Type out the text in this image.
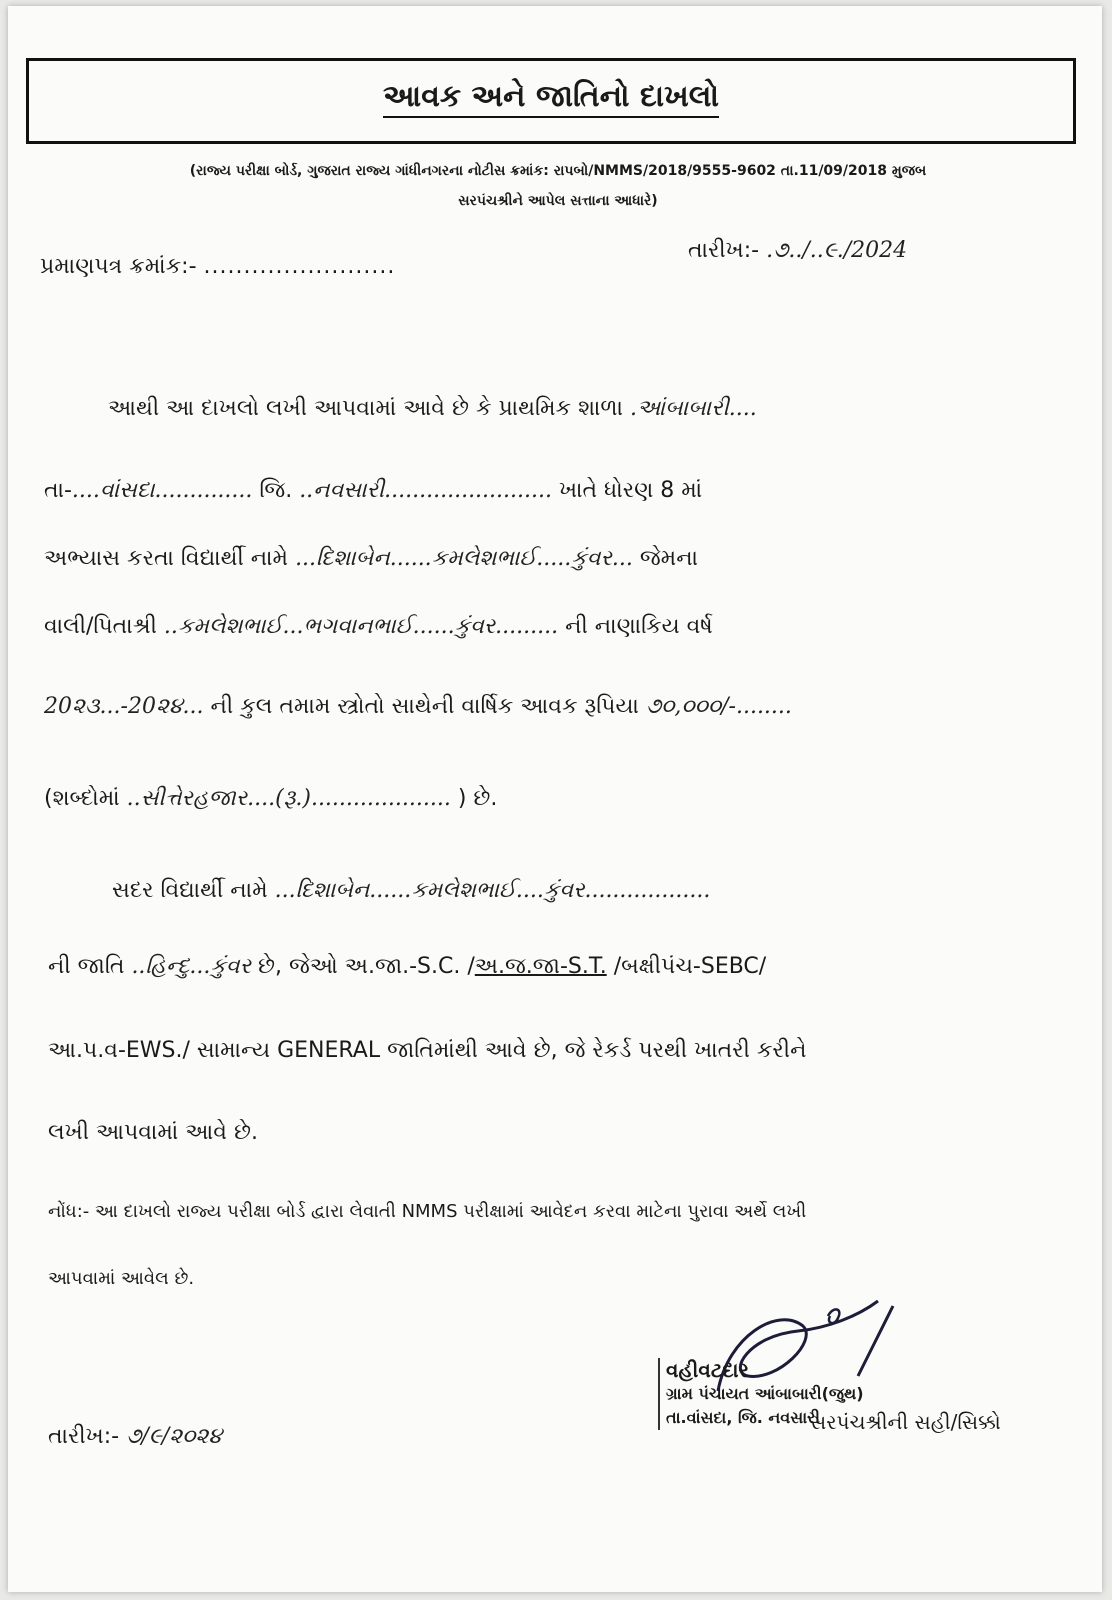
આવક અને જાતિનો દાખલો
(રાજ્ય પરીક્ષા બોર્ડ, ગુજરાત રાજ્ય ગાંધીનગરના નોટીસ ક્રમાંક: રાપબો/NMMS/2018/9555-9602 તા.11/09/2018 મુજબ
સરપંચશ્રીને આપેલ સત્તાના આધારે)
પ્રમાણપત્ર ક્રમાંક:- ........................
તારીખ:- .૭../..૯./2024
આથી આ દાખલો લખી આપવામાં આવે છે કે પ્રાથમિક શાળા .આંબાબારી....
તા-....વાંસદા.............. જિ. ..નવસારી........................ ખાતે ધોરણ 8 માં
અભ્યાસ કરતા વિદ્યાર્થી નામે ...દિશાબેન......કમલેશભાઈ.....કુંવર... જેમના
વાલી/પિતાશ્રી ..કમલેશભાઈ...ભગવાનભાઈ......કુંવર......... ની નાણાકિય વર્ષ
20૨૩...-20૨૪... ની કુલ તમામ સ્ત્રોતો સાથેની વાર્ષિક આવક રૂપિયા ૭૦,૦૦૦/-........
(શબ્દોમાં ..સીત્તેરહજાર....(રૂ.).................... ) છે.
સદર વિદ્યાર્થી નામે ...દિશાબેન......કમલેશભાઈ....કુંવર..................
ની જાતિ ..હિન્દુ...કુંવર છે, જેઓ અ.જા.-S.C. /અ.જ.જા-S.T. /બક્ષીપંચ-SEBC/
આ.પ.વ-EWS./ સામાન્ય GENERAL જાતિમાંથી આવે છે, જે રેકર્ડ પરથી ખાતરી કરીને
લખી આપવામાં આવે છે.
નોંધ:- આ દાખલો રાજ્ય પરીક્ષા બોર્ડ દ્વારા લેવાતી NMMS પરીક્ષામાં આવેદન કરવા માટેના પુરાવા અર્થે લખી
આપવામાં આવેલ છે.
તારીખ:- ૭/૯/૨૦૨૪
વહીવટદાર
ગ્રામ પંચાયત આંબાબારી(જુથ)
તા.વાંસદા, જિ. નવસારી
સરપંચશ્રીની સહી/સિક્કો
